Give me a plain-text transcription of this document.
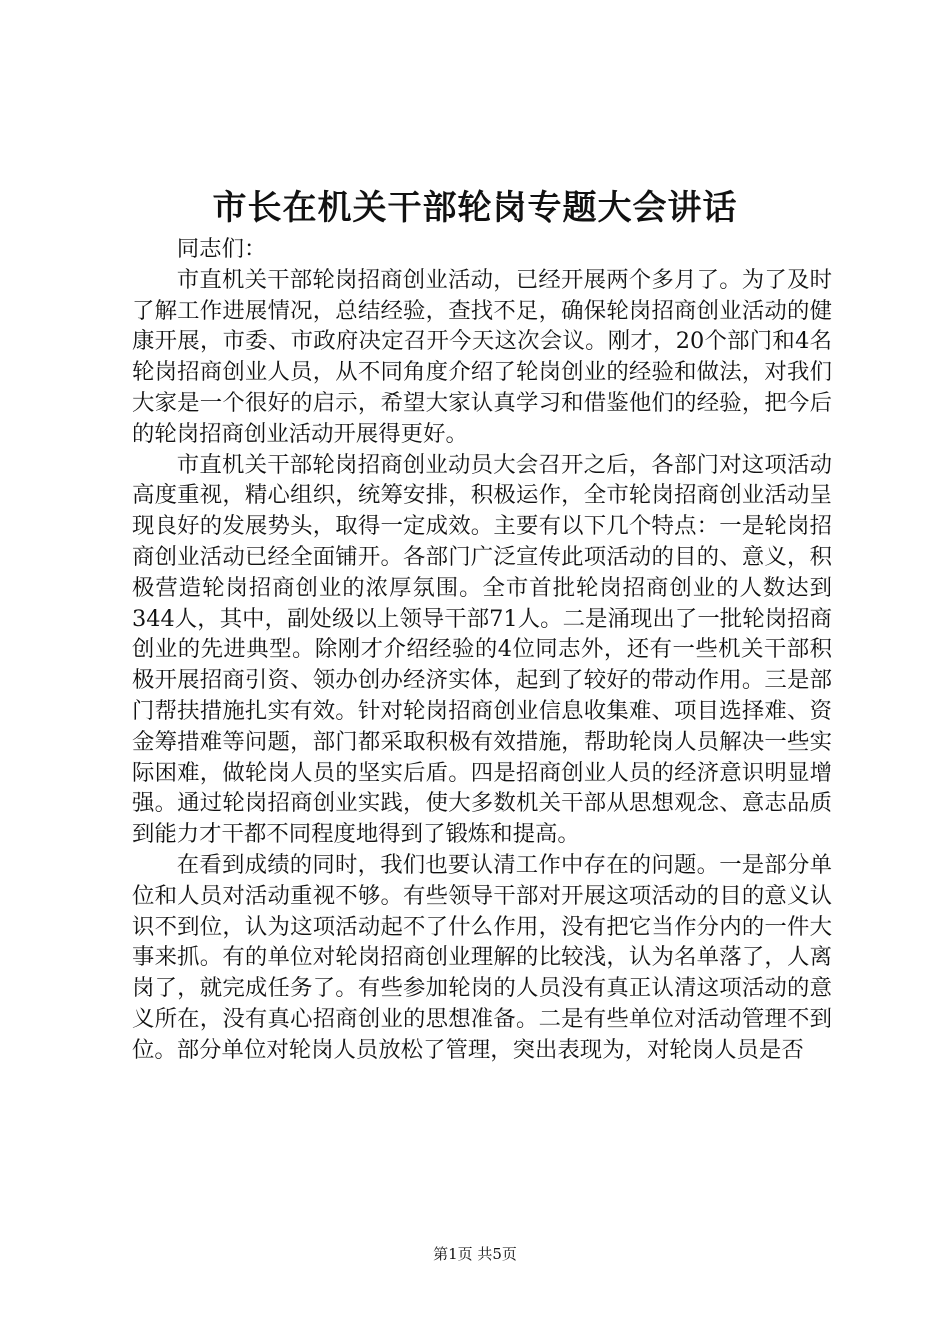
市长在机关干部轮岗专题大会讲话

同志们：

市直机关干部轮岗招商创业活动，已经开展两个多月了。为了及时了解工作进展情况，总结经验，查找不足，确保轮岗招商创业活动的健康开展，市委、市政府决定召开今天这次会议。刚才，20个部门和4名轮岗招商创业人员，从不同角度介绍了轮岗创业的经验和做法，对我们大家是一个很好的启示，希望大家认真学习和借鉴他们的经验，把今后的轮岗招商创业活动开展得更好。

市直机关干部轮岗招商创业动员大会召开之后，各部门对这项活动高度重视，精心组织，统筹安排，积极运作，全市轮岗招商创业活动呈现良好的发展势头，取得一定成效。主要有以下几个特点：一是轮岗招商创业活动已经全面铺开。各部门广泛宣传此项活动的目的、意义，积极营造轮岗招商创业的浓厚氛围。全市首批轮岗招商创业的人数达到344人，其中，副处级以上领导干部71人。二是涌现出了一批轮岗招商创业的先进典型。除刚才介绍经验的4位同志外，还有一些机关干部积极开展招商引资、领办创办经济实体，起到了较好的带动作用。三是部门帮扶措施扎实有效。针对轮岗招商创业信息收集难、项目选择难、资金筹措难等问题，部门都采取积极有效措施，帮助轮岗人员解决一些实际困难，做轮岗人员的坚实后盾。四是招商创业人员的经济意识明显增强。通过轮岗招商创业实践，使大多数机关干部从思想观念、意志品质到能力才干都不同程度地得到了锻炼和提高。

在看到成绩的同时，我们也要认清工作中存在的问题。一是部分单位和人员对活动重视不够。有些领导干部对开展这项活动的目的意义认识不到位，认为这项活动起不了什么作用，没有把它当作分内的一件大事来抓。有的单位对轮岗招商创业理解的比较浅，认为名单落了，人离岗了，就完成任务了。有些参加轮岗的人员没有真正认清这项活动的意义所在，没有真心招商创业的思想准备。二是有些单位对活动管理不到位。部分单位对轮岗人员放松了管理，突出表现为，对轮岗人员是否

第1页 共5页
